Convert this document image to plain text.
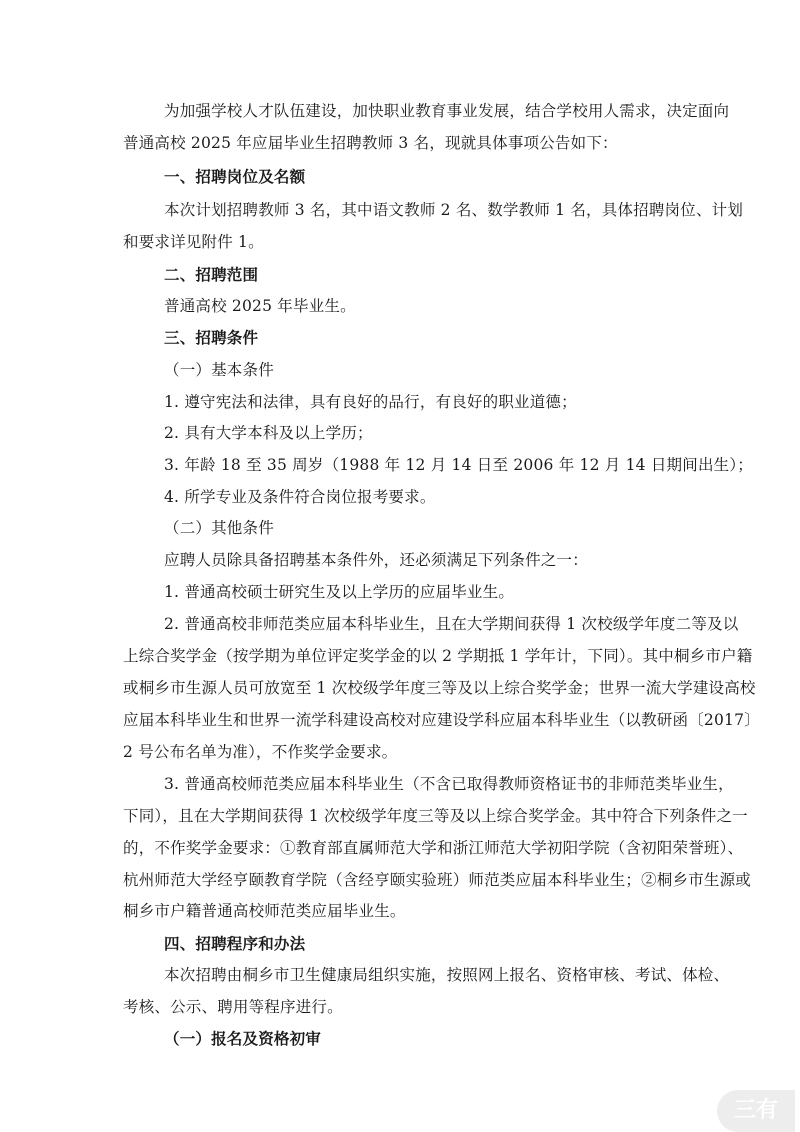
为加强学校人才队伍建设，加快职业教育事业发展，结合学校用人需求，决定面向
普通高校 2025 年应届毕业生招聘教师 3 名，现就具体事项公告如下：
一、招聘岗位及名额
本次计划招聘教师 3 名，其中语文教师 2 名、数学教师 1 名，具体招聘岗位、计划
和要求详见附件 1。
二、招聘范围
普通高校 2025 年毕业生。
三、招聘条件
（一）基本条件
1. 遵守宪法和法律，具有良好的品行，有良好的职业道德；
2. 具有大学本科及以上学历；
3. 年龄 18 至 35 周岁（1988 年 12 月 14 日至 2006 年 12 月 14 日期间出生）；
4. 所学专业及条件符合岗位报考要求。
（二）其他条件
应聘人员除具备招聘基本条件外，还必须满足下列条件之一：
1. 普通高校硕士研究生及以上学历的应届毕业生。
2. 普通高校非师范类应届本科毕业生，且在大学期间获得 1 次校级学年度二等及以
上综合奖学金（按学期为单位评定奖学金的以 2 学期抵 1 学年计，下同）。其中桐乡市户籍
或桐乡市生源人员可放宽至 1 次校级学年度三等及以上综合奖学金；世界一流大学建设高校
应届本科毕业生和世界一流学科建设高校对应建设学科应届本科毕业生（以教研函〔2017〕
2 号公布名单为准），不作奖学金要求。
3. 普通高校师范类应届本科毕业生（不含已取得教师资格证书的非师范类毕业生，
下同），且在大学期间获得 1 次校级学年度三等及以上综合奖学金。其中符合下列条件之一
的，不作奖学金要求：①教育部直属师范大学和浙江师范大学初阳学院（含初阳荣誉班）、
杭州师范大学经亨颐教育学院（含经亨颐实验班）师范类应届本科毕业生；②桐乡市生源或
桐乡市户籍普通高校师范类应届毕业生。
四、招聘程序和办法
本次招聘由桐乡市卫生健康局组织实施，按照网上报名、资格审核、考试、体检、
考核、公示、聘用等程序进行。
（一）报名及资格初审
三有
